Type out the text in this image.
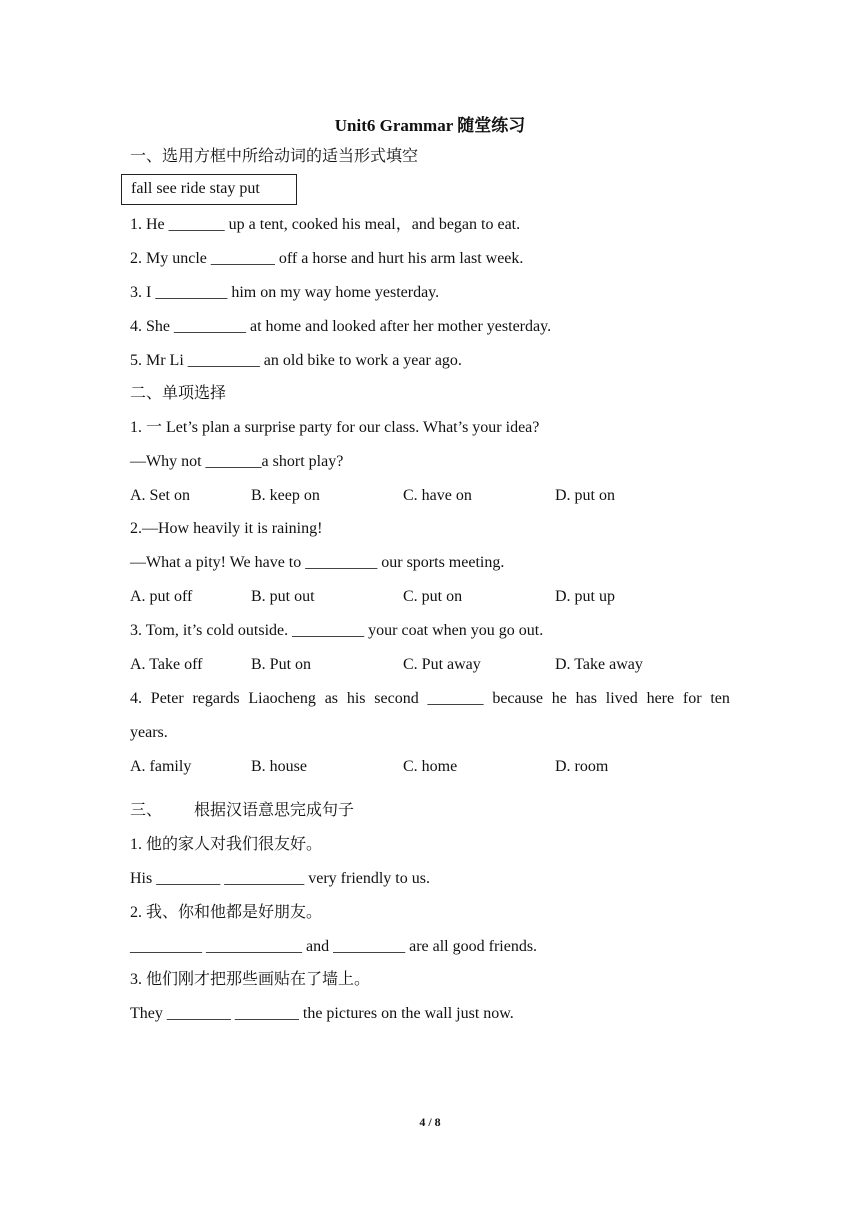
Unit6 Grammar 随堂练习
一、选用方框中所给动词的适当形式填空
fall see ride stay put
1. He _______ up a tent, cooked his meal，and began to eat.
2. My uncle ________ off a horse and hurt his arm last week.
3. I _________ him on my way home yesterday.
4. She _________ at home and looked after her mother yesterday.
5. Mr Li _________ an old bike to work a year ago.
二、单项选择
1. 一 Let’s plan a surprise party for our class. What’s your idea?
—Why not _______a short play?
A. Set on	B. keep on	C. have on	D. put on
2.—How heavily it is raining!
—What a pity! We have to _________ our sports meeting.
A. put off	B. put out	C. put on	D. put up
3. Tom, it’s cold outside. _________ your coat when you go out.
A. Take off	B. Put on	C. Put away	D. Take away
4. Peter regards Liaocheng as his second _______ because he has lived here for ten
years.
A. family	B. house	C. home	D. room
三、 根据汉语意思完成句子
1. 他的家人对我们很友好。
His ________ __________ very friendly to us.
2. 我、你和他都是好朋友。
_________ ____________ and _________ are all good friends.
3. 他们刚才把那些画贴在了墙上。
They ________ ________ the pictures on the wall just now.
4 / 8
